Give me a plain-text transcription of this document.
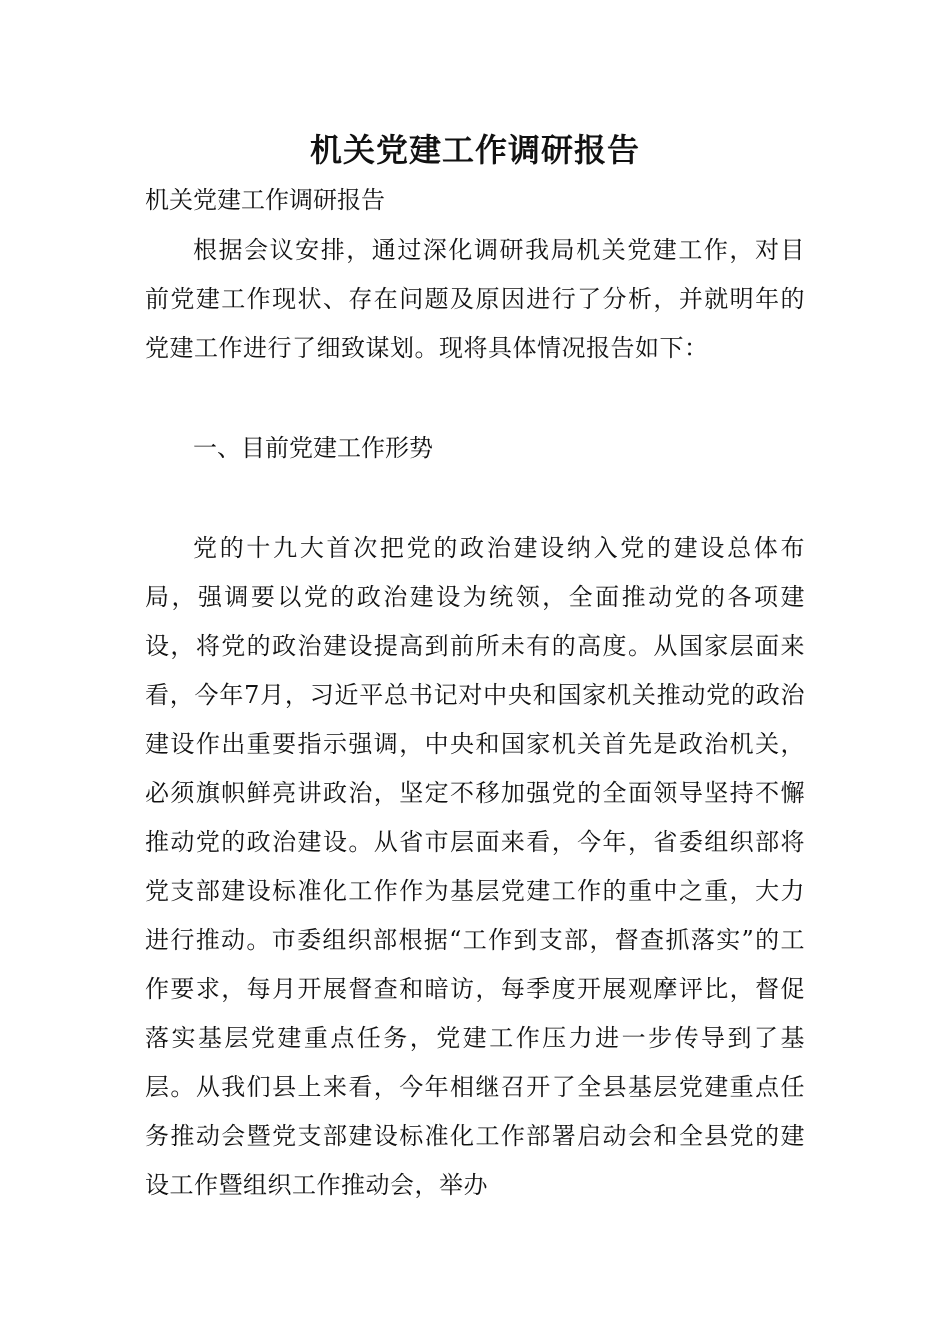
机关党建工作调研报告

机关党建工作调研报告

根据会议安排，通过深化调研我局机关党建工作，对目前党建工作现状、存在问题及原因进行了分析，并就明年的党建工作进行了细致谋划。现将具体情况报告如下：

一、目前党建工作形势

党的十九大首次把党的政治建设纳入党的建设总体布局，强调要以党的政治建设为统领，全面推动党的各项建设，将党的政治建设提高到前所未有的高度。从国家层面来看，今年7月，习近平总书记对中央和国家机关推动党的政治建设作出重要指示强调，中央和国家机关首先是政治机关，必须旗帜鲜亮讲政治，坚定不移加强党的全面领导坚持不懈推动党的政治建设。从省市层面来看，今年，省委组织部将党支部建设标准化工作作为基层党建工作的重中之重，大力进行推动。市委组织部根据“工作到支部，督查抓落实”的工作要求，每月开展督查和暗访，每季度开展观摩评比，督促落实基层党建重点任务，党建工作压力进一步传导到了基层。从我们县上来看，今年相继召开了全县基层党建重点任务推动会暨党支部建设标准化工作部署启动会和全县党的建设工作暨组织工作推动会，举办
